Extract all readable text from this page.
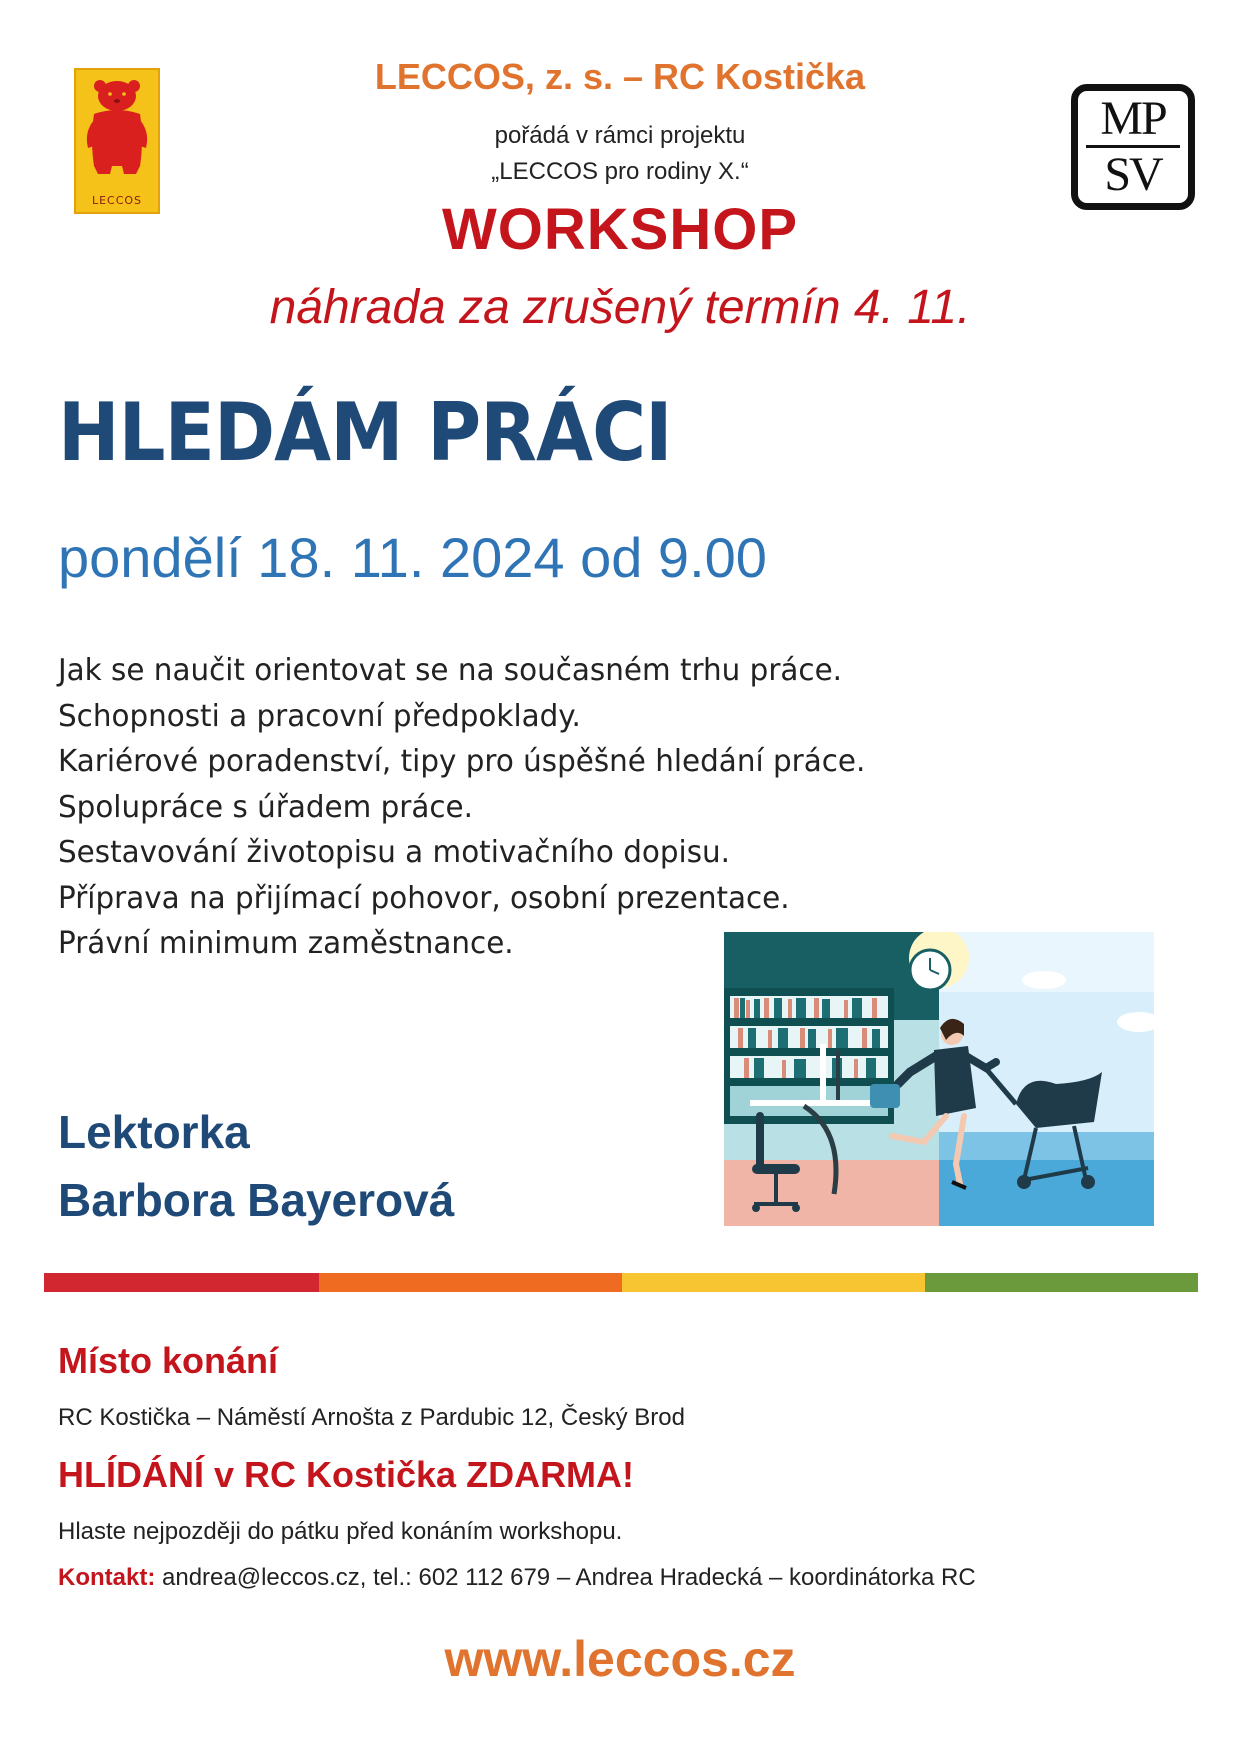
LECCOS
MP
SV
LECCOS, z. s. – RC Kostička
pořádá v rámci projektu
„LECCOS pro rodiny X.“
WORKSHOP
náhrada za zrušený termín 4. 11.
HLEDÁM PRÁCI
pondělí 18. 11. 2024 od 9.00
Jak se naučit orientovat se na současném trhu práce.
Schopnosti a pracovní předpoklady.
Kariérové poradenství, tipy pro úspěšné hledání práce.
Spolupráce s úřadem práce.
Sestavování životopisu a motivačního dopisu.
Příprava na přijímací pohovor, osobní prezentace.
Právní minimum zaměstnance.
Lektorka
Barbora Bayerová
Místo konání
RC Kostička – Náměstí Arnošta z Pardubic 12, Český Brod
HLÍDÁNÍ v RC Kostička ZDARMA!
Hlaste nejpozději do pátku před konáním workshopu.
Kontakt: andrea@leccos.cz, tel.: 602 112 679 – Andrea Hradecká – koordinátorka RC
www.leccos.cz
